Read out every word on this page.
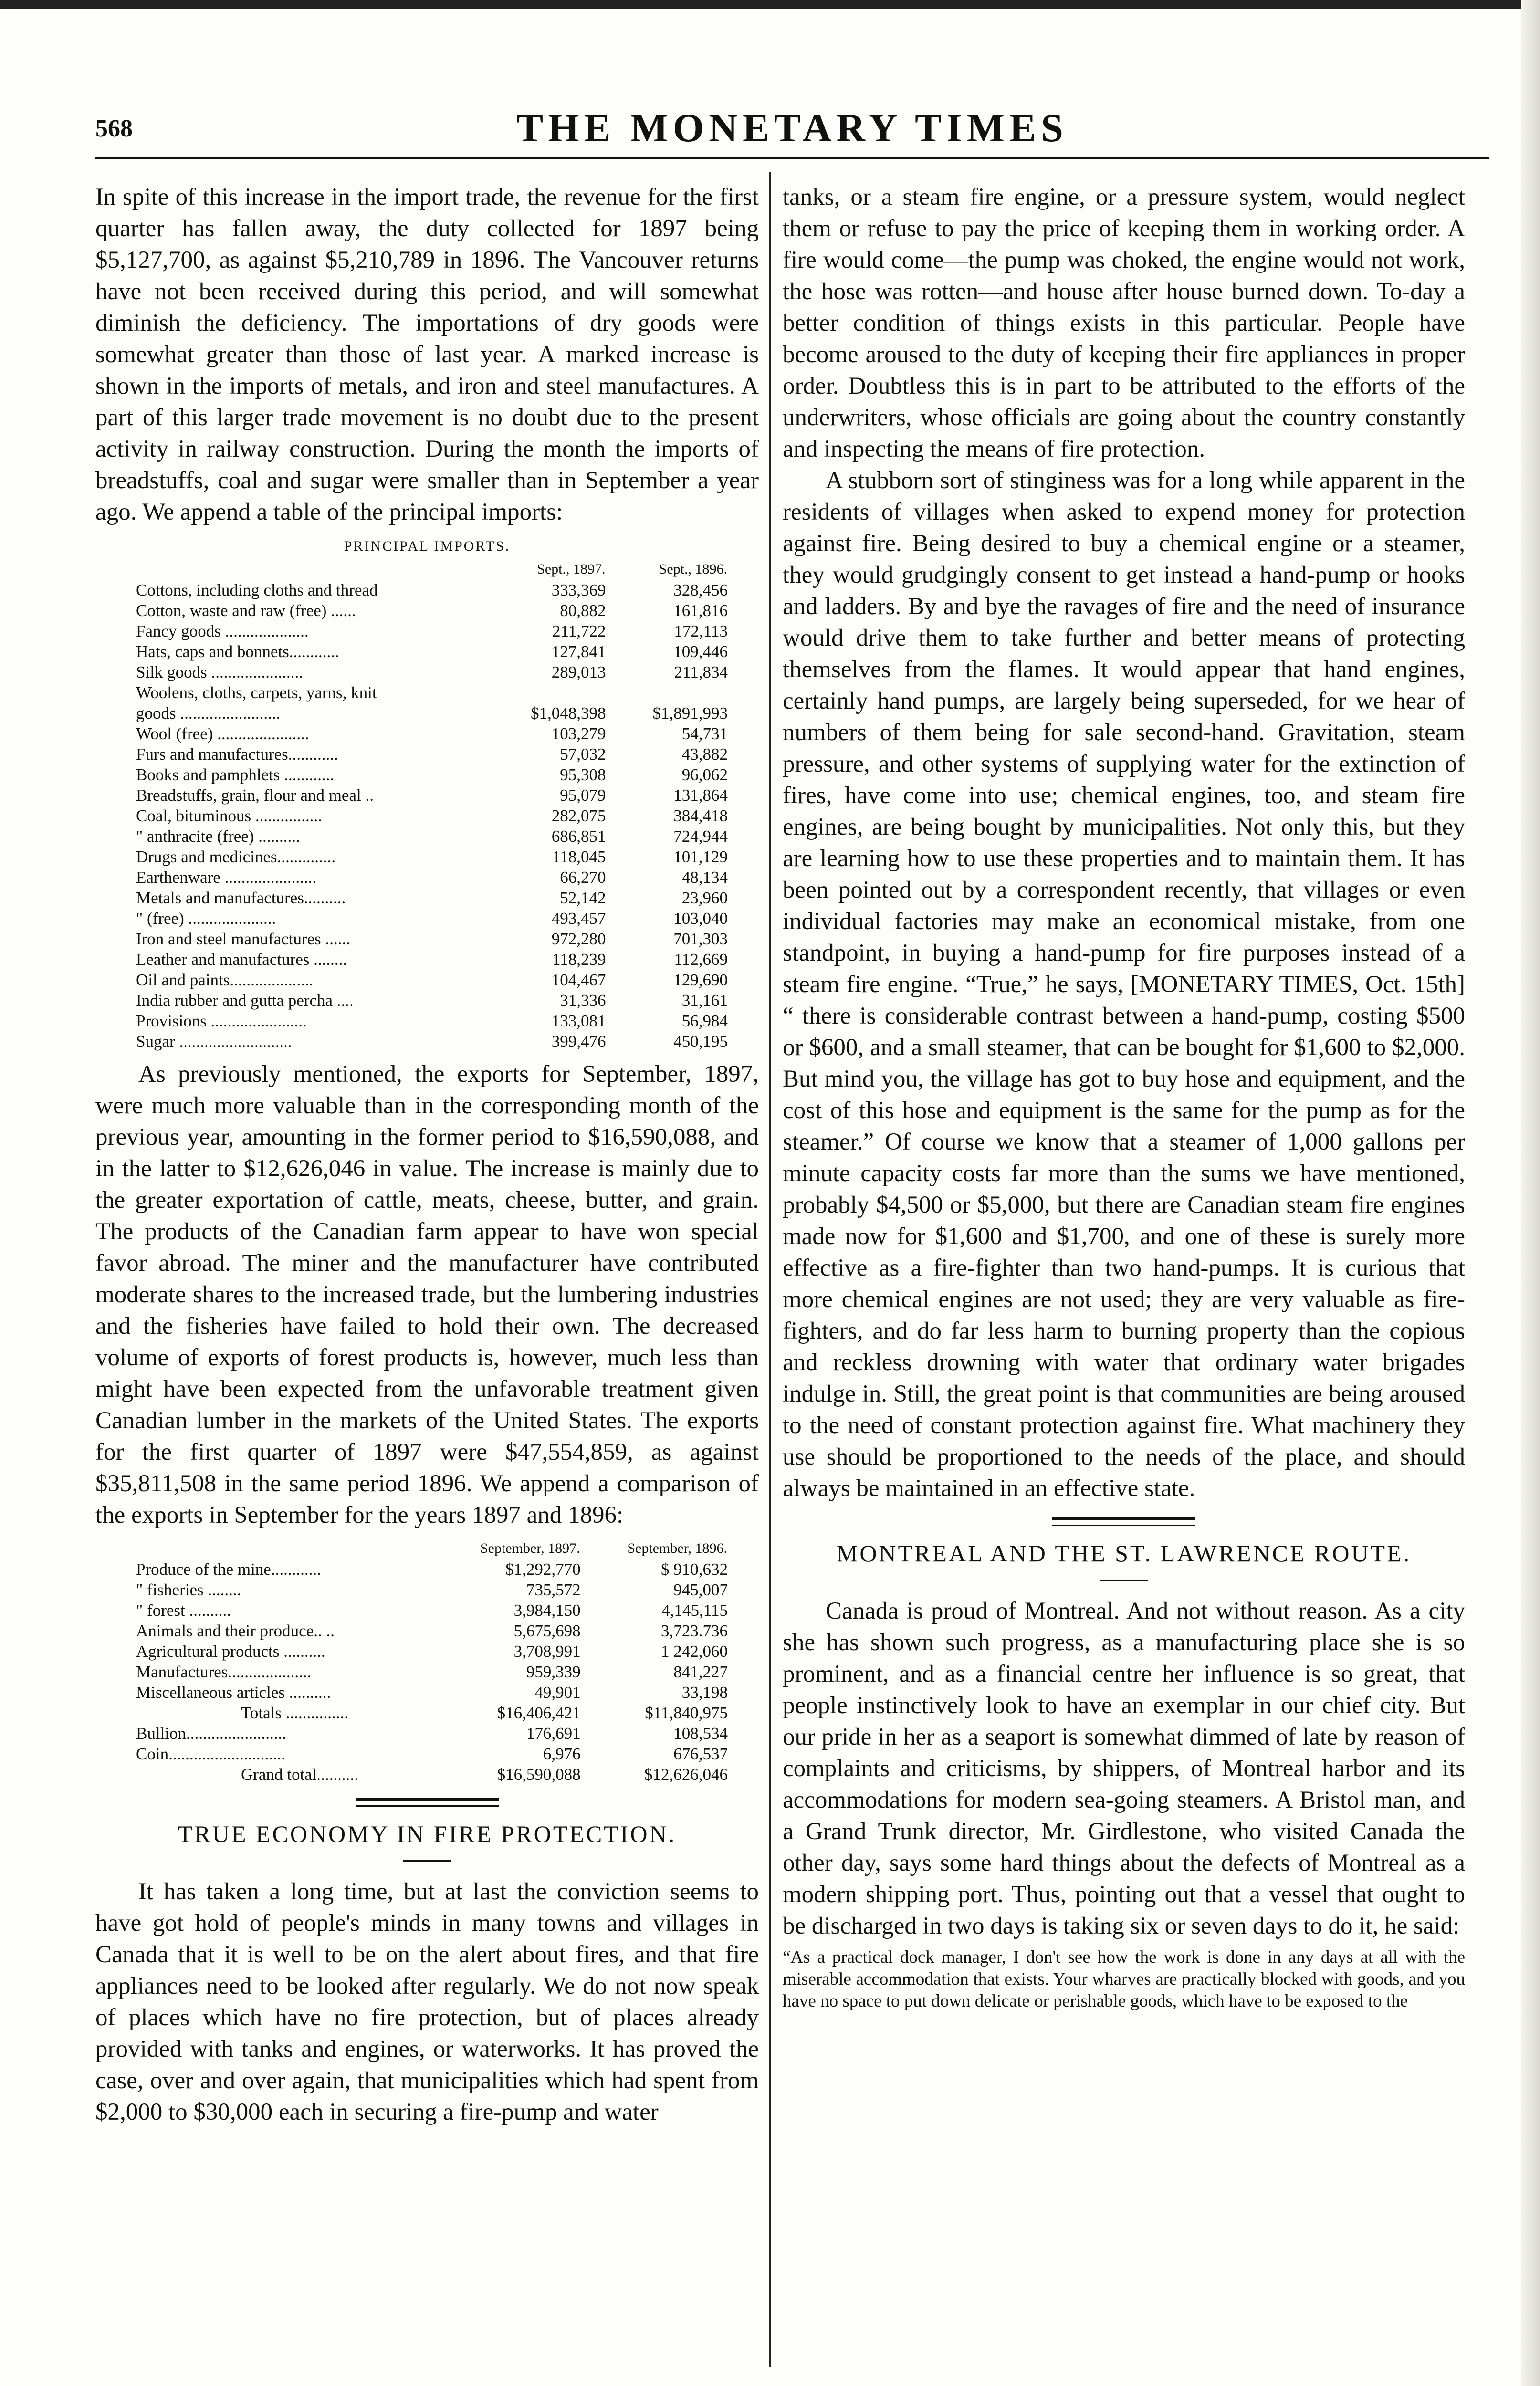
568	THE MONETARY TIMES

In spite of this increase in the import trade, the revenue for the first quarter has fallen away, the duty collected for 1897 being $5,127,700, as against $5,210,789 in 1896. The Vancouver returns have not been received during this period, and will somewhat diminish the deficiency. The importations of dry goods were somewhat greater than those of last year. A marked increase is shown in the imports of metals, and iron and steel manufactures. A part of this larger trade movement is no doubt due to the present activity in railway construction. During the month the imports of breadstuffs, coal and sugar were smaller than in September a year ago. We append a table of the principal imports:

PRINCIPAL IMPORTS.
	Sept., 1897.	Sept., 1896.
Cottons, including cloths and thread	333,369	328,456
Cotton, waste and raw (free) ......	80,882	161,816
Fancy goods ....................	211,722	172,113
Hats, caps and bonnets............	127,841	109,446
Silk goods ......................	289,013	211,834
Woolens, cloths, carpets, yarns, knit		
goods ........................	$1,048,398	$1,891,993
Wool (free) ......................	103,279	54,731
Furs and manufactures............	57,032	43,882
Books and pamphlets ............	95,308	96,062
Breadstuffs, grain, flour and meal ..	95,079	131,864
Coal, bituminous ................	282,075	384,418
" anthracite (free) ..........	686,851	724,944
Drugs and medicines..............	118,045	101,129
Earthenware ......................	66,270	48,134
Metals and manufactures..........	52,142	23,960
" (free) .....................	493,457	103,040
Iron and steel manufactures ......	972,280	701,303
Leather and manufactures ........	118,239	112,669
Oil and paints....................	104,467	129,690
India rubber and gutta percha ....	31,336	31,161
Provisions .......................	133,081	56,984
Sugar ...........................	399,476	450,195

As previously mentioned, the exports for September, 1897, were much more valuable than in the corresponding month of the previous year, amounting in the former period to $16,590,088, and in the latter to $12,626,046 in value. The increase is mainly due to the greater exportation of cattle, meats, cheese, butter, and grain. The products of the Canadian farm appear to have won special favor abroad. The miner and the manufacturer have contributed moderate shares to the increased trade, but the lumbering industries and the fisheries have failed to hold their own. The decreased volume of exports of forest products is, however, much less than might have been expected from the unfavorable treatment given Canadian lumber in the markets of the United States. The exports for the first quarter of 1897 were $47,554,859, as against $35,811,508 in the same period 1896. We append a comparison of the exports in September for the years 1897 and 1896:

	September, 1897.	September, 1896.
Produce of the mine............	$1,292,770	$ 910,632
" fisheries ........	735,572	945,007
" forest ..........	3,984,150	4,145,115
Animals and their produce.. ..	5,675,698	3,723.736
Agricultural products ..........	3,708,991	1 242,060
Manufactures....................	959,339	841,227
Miscellaneous articles ..........	49,901	33,198
Totals ...............	$16,406,421	$11,840,975
Bullion........................	176,691	108,534
Coin............................	6,976	676,537
Grand total..........	$16,590,088	$12,626,046
TRUE ECONOMY IN FIRE PROTECTION.

It has taken a long time, but at last the conviction seems to have got hold of people's minds in many towns and villages in Canada that it is well to be on the alert about fires, and that fire appliances need to be looked after regularly. We do not now speak of places which have no fire protection, but of places already provided with tanks and engines, or waterworks. It has proved the case, over and over again, that municipalities which had spent from $2,000 to $30,000 each in securing a fire-pump and water

tanks, or a steam fire engine, or a pressure system, would neglect them or refuse to pay the price of keeping them in working order. A fire would come—the pump was choked, the engine would not work, the hose was rotten—and house after house burned down. To-day a better condition of things exists in this particular. People have become aroused to the duty of keeping their fire appliances in proper order. Doubtless this is in part to be attributed to the efforts of the underwriters, whose officials are going about the country constantly and inspecting the means of fire protection.

A stubborn sort of stinginess was for a long while apparent in the residents of villages when asked to expend money for protection against fire. Being desired to buy a chemical engine or a steamer, they would grudgingly consent to get instead a hand-pump or hooks and ladders. By and bye the ravages of fire and the need of insurance would drive them to take further and better means of protecting themselves from the flames. It would appear that hand engines, certainly hand pumps, are largely being superseded, for we hear of numbers of them being for sale second-hand. Gravitation, steam pressure, and other systems of supplying water for the extinction of fires, have come into use; chemical engines, too, and steam fire engines, are being bought by municipalities. Not only this, but they are learning how to use these properties and to maintain them. It has been pointed out by a correspondent recently, that villages or even individual factories may make an economical mistake, from one standpoint, in buying a hand-pump for fire purposes instead of a steam fire engine. “True,” he says, [MONETARY TIMES, Oct. 15th] “ there is considerable contrast between a hand-pump, costing $500 or $600, and a small steamer, that can be bought for $1,600 to $2,000. But mind you, the village has got to buy hose and equipment, and the cost of this hose and equipment is the same for the pump as for the steamer.” Of course we know that a steamer of 1,000 gallons per minute capacity costs far more than the sums we have mentioned, probably $4,500 or $5,000, but there are Canadian steam fire engines made now for $1,600 and $1,700, and one of these is surely more effective as a fire-fighter than two hand-pumps. It is curious that more chemical engines are not used; they are very valuable as fire-fighters, and do far less harm to burning property than the copious and reckless drowning with water that ordinary water brigades indulge in. Still, the great point is that communities are being aroused to the need of constant protection against fire. What machinery they use should be proportioned to the needs of the place, and should always be maintained in an effective state.

MONTREAL AND THE ST. LAWRENCE ROUTE.

Canada is proud of Montreal. And not without reason. As a city she has shown such progress, as a manufacturing place she is so prominent, and as a financial centre her influence is so great, that people instinctively look to have an exemplar in our chief city. But our pride in her as a seaport is somewhat dimmed of late by reason of complaints and criticisms, by shippers, of Montreal harbor and its accommodations for modern sea-going steamers. A Bristol man, and a Grand Trunk director, Mr. Girdlestone, who visited Canada the other day, says some hard things about the defects of Montreal as a modern shipping port. Thus, pointing out that a vessel that ought to be discharged in two days is taking six or seven days to do it, he said:

“As a practical dock manager, I don't see how the work is done in any days at all with the miserable accommodation that exists. Your wharves are practically blocked with goods, and you have no space to put down delicate or perishable goods, which have to be exposed to the
